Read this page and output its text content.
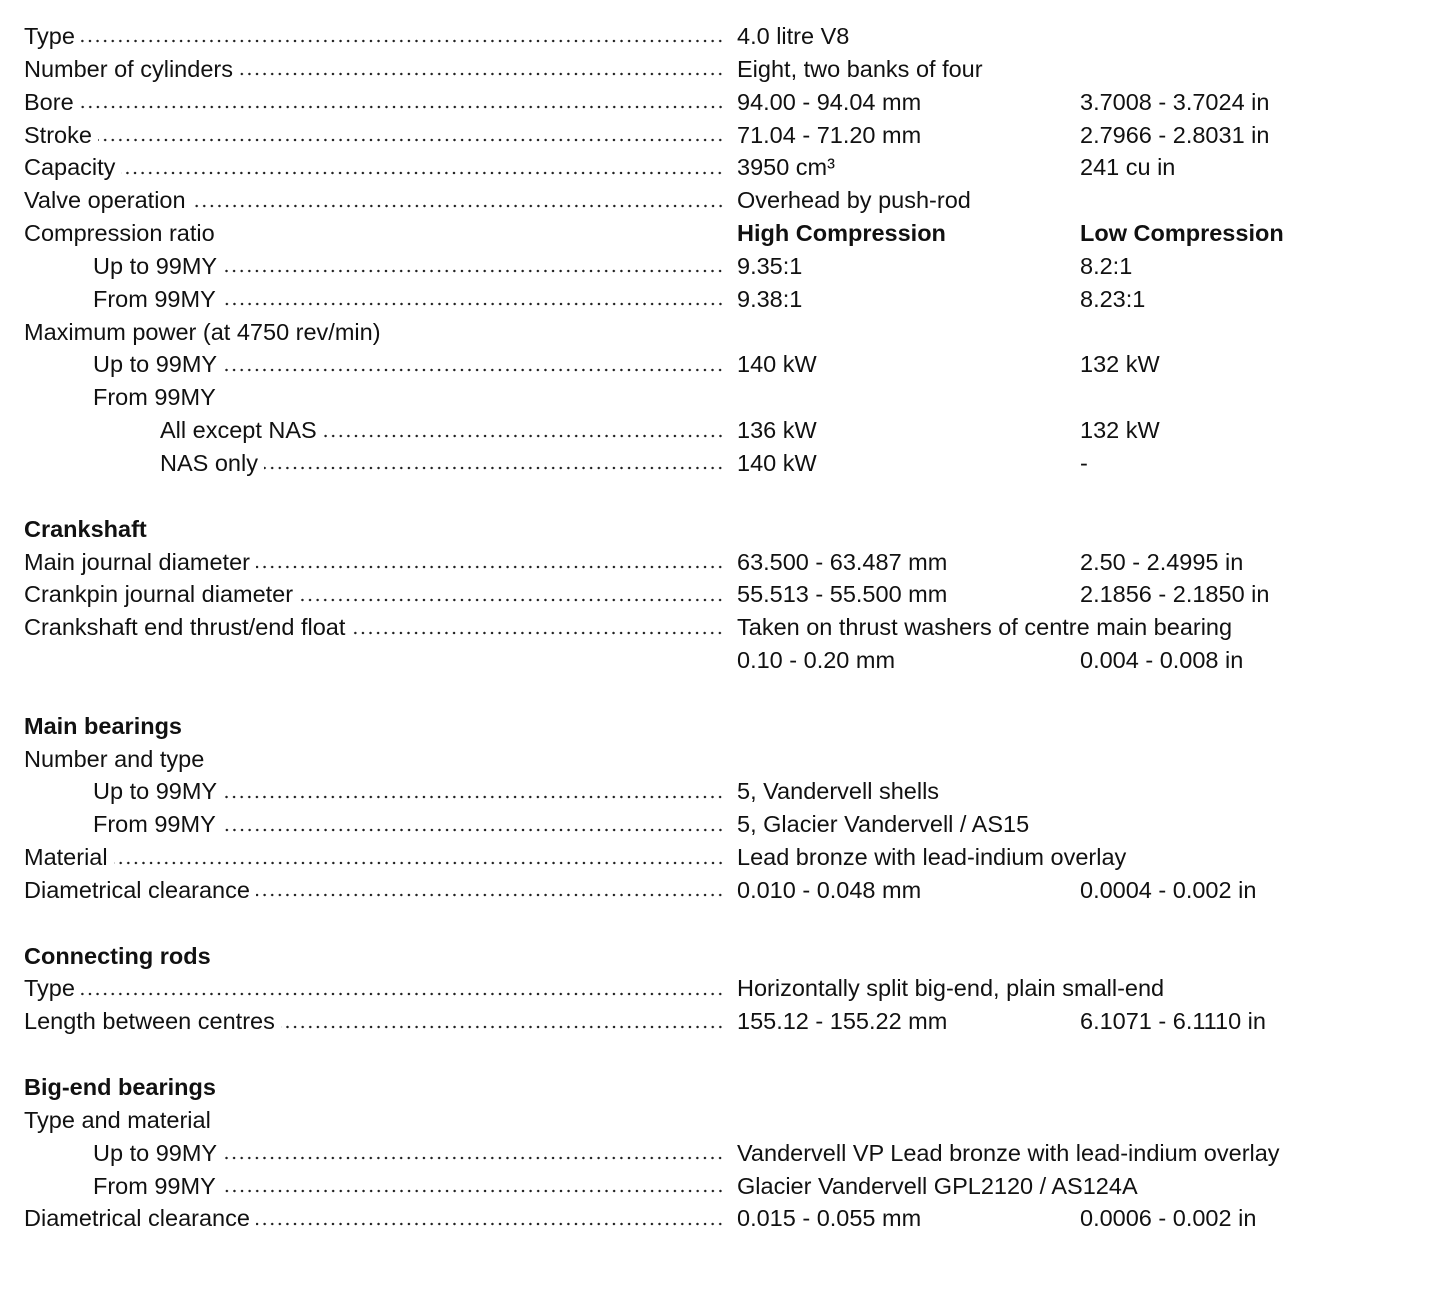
Type	4.0 litre V8
Number of cylinders	Eight, two banks of four
Bore	94.00 - 94.04 mm	3.7008 - 3.7024 in
Stroke	71.04 - 71.20 mm	2.7966 - 2.8031 in
Capacity	3950 cm³	241 cu in
Valve operation	Overhead by push-rod
Compression ratio	High Compression	Low Compression
Up to 99MY	9.35:1	8.2:1
From 99MY	9.38:1	8.23:1
Maximum power (at 4750 rev/min)
Up to 99MY	140 kW	132 kW
From 99MY
All except NAS	136 kW	132 kW
NAS only	140 kW	-
Crankshaft
Main journal diameter	63.500 - 63.487 mm	2.50 - 2.4995 in
Crankpin journal diameter	55.513 - 55.500 mm	2.1856 - 2.1850 in
Crankshaft end thrust/end float	Taken on thrust washers of centre main bearing
0.10 - 0.20 mm	0.004 - 0.008 in
Main bearings
Number and type
Up to 99MY	5, Vandervell shells
From 99MY	5, Glacier Vandervell / AS15
Material	Lead bronze with lead-indium overlay
Diametrical clearance	0.010 - 0.048 mm	0.0004 - 0.002 in
Connecting rods
Type	Horizontally split big-end, plain small-end
Length between centres	155.12 - 155.22 mm	6.1071 - 6.1110 in
Big-end bearings
Type and material
Up to 99MY	Vandervell VP Lead bronze with lead-indium overlay
From 99MY	Glacier Vandervell GPL2120 / AS124A
Diametrical clearance	0.015 - 0.055 mm	0.0006 - 0.002 in
